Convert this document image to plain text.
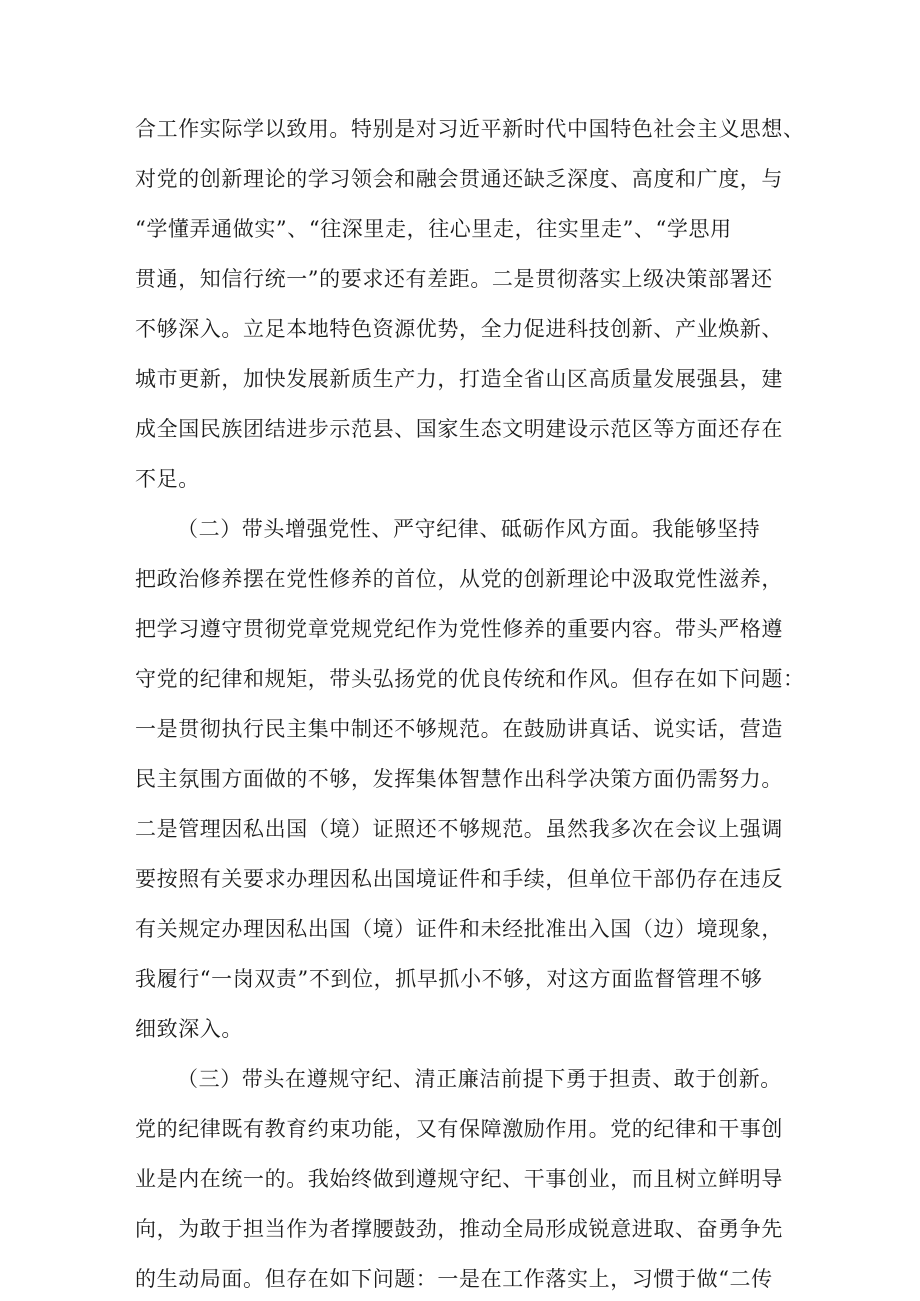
合工作实际学以致用。特别是对习近平新时代中国特色社会主义思想、
对党的创新理论的学习领会和融会贯通还缺乏深度、高度和广度，与
“学懂弄通做实”、“往深里走，往心里走，往实里走”、“学思用
贯通，知信行统一”的要求还有差距。二是贯彻落实上级决策部署还
不够深入。立足本地特色资源优势，全力促进科技创新、产业焕新、
城市更新，加快发展新质生产力，打造全省山区高质量发展强县，建
成全国民族团结进步示范县、国家生态文明建设示范区等方面还存在
不足。
（二）带头增强党性、严守纪律、砥砺作风方面。我能够坚持
把政治修养摆在党性修养的首位，从党的创新理论中汲取党性滋养，
把学习遵守贯彻党章党规党纪作为党性修养的重要内容。带头严格遵
守党的纪律和规矩，带头弘扬党的优良传统和作风。但存在如下问题：
一是贯彻执行民主集中制还不够规范。在鼓励讲真话、说实话，营造
民主氛围方面做的不够，发挥集体智慧作出科学决策方面仍需努力。
二是管理因私出国（境）证照还不够规范。虽然我多次在会议上强调
要按照有关要求办理因私出国境证件和手续，但单位干部仍存在违反
有关规定办理因私出国（境）证件和未经批准出入国（边）境现象，
我履行“一岗双责”不到位，抓早抓小不够，对这方面监督管理不够
细致深入。
（三）带头在遵规守纪、清正廉洁前提下勇于担责、敢于创新。
党的纪律既有教育约束功能，又有保障激励作用。党的纪律和干事创
业是内在统一的。我始终做到遵规守纪、干事创业，而且树立鲜明导
向，为敢于担当作为者撑腰鼓劲，推动全局形成锐意进取、奋勇争先
的生动局面。但存在如下问题：一是在工作落实上，习惯于做“二传
